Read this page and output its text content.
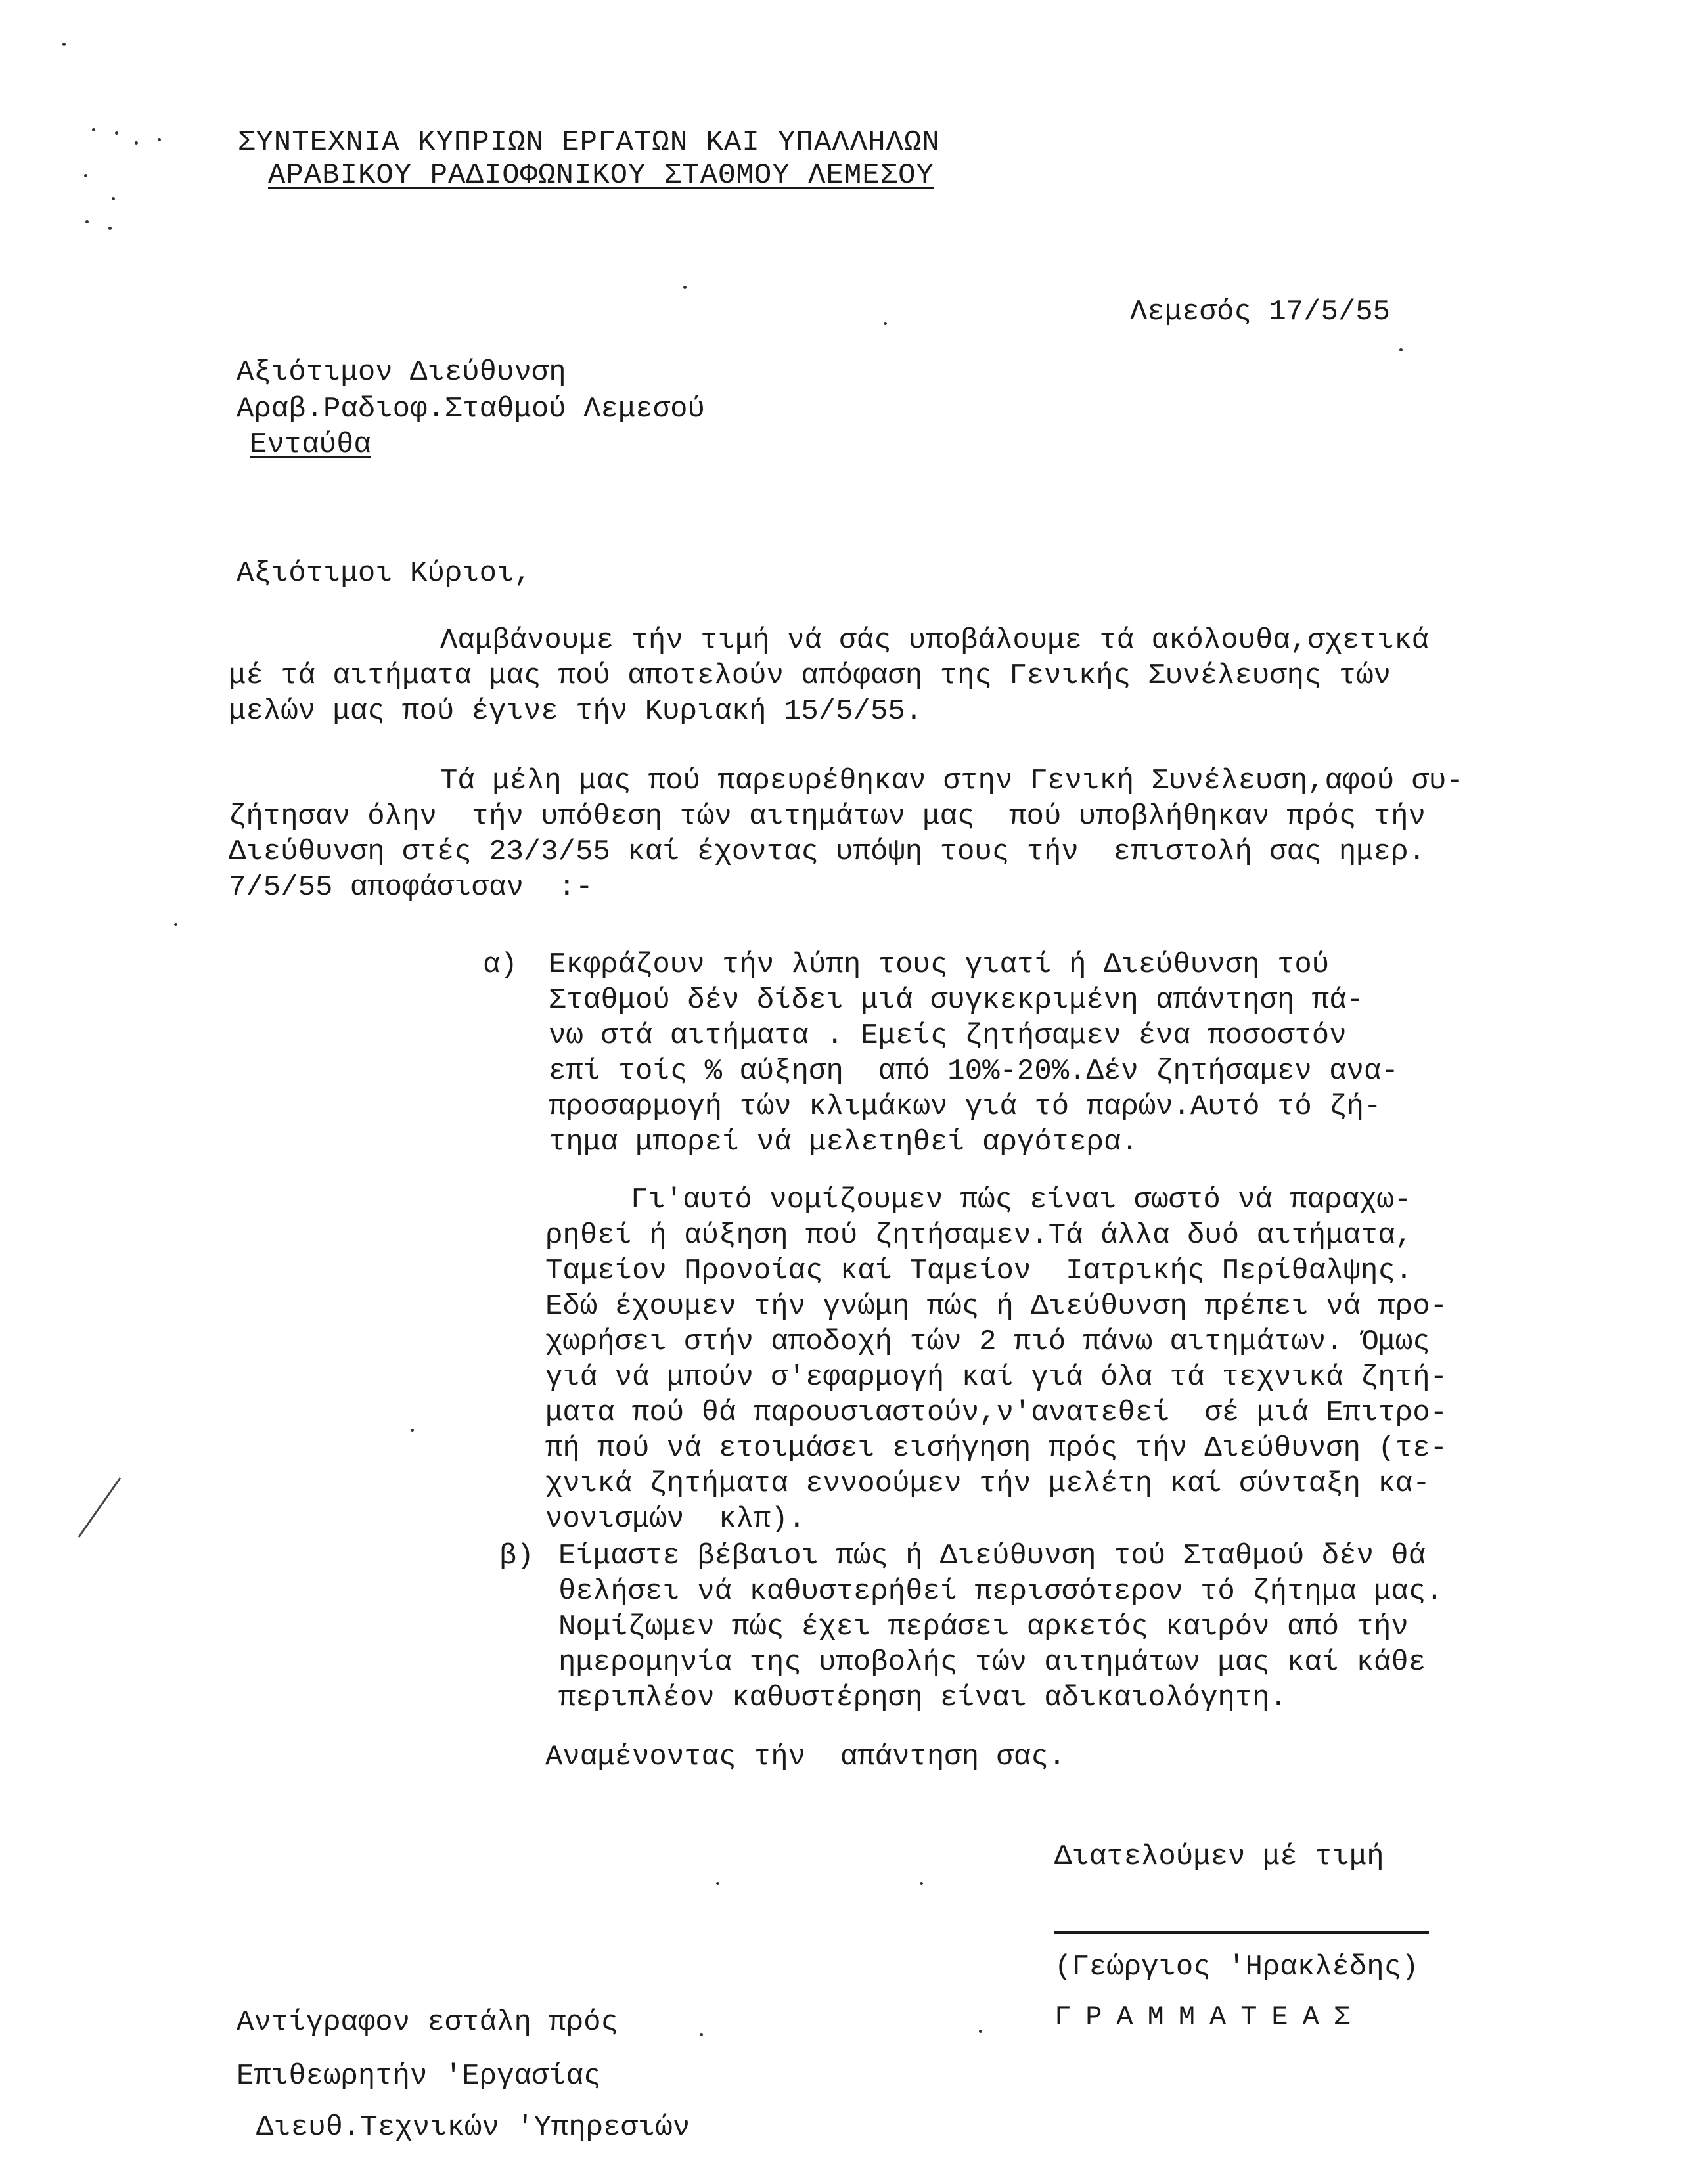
ΣΥΝΤΕΧΝΙΑ ΚΥΠΡΙΩΝ ΕΡΓΑΤΩΝ ΚΑΙ ΥΠΑΛΛΗΛΩΝ
ΑΡΑΒΙΚΟΥ ΡΑΔΙΟΦΩΝΙΚΟΥ ΣΤΑΘΜΟΥ ΛΕΜΕΣΟΥ
Λεμεσός 17/5/55
Αξιότιμον Διεύθυνση
Αραβ.Ραδιοφ.Σταθμού Λεμεσού
Ενταύθα
Αξιότιμοι Κύριοι,
Λαμβάνουμε τήν τιμή νά σάς υποβάλουμε τά ακόλουθα,σχετικά
μέ τά αιτήματα μας πού αποτελούν απόφαση της Γενικής Συνέλευσης τών
μελών μας πού έγινε τήν Κυριακή 15/5/55.
Τά μέλη μας πού παρευρέθηκαν στην Γενική Συνέλευση,αφού συ-
ζήτησαν όλην  τήν υπόθεση τών αιτημάτων μας  πού υποβλήθηκαν πρός τήν
Διεύθυνση στές 23/3/55 καί έχοντας υπόψη τους τήν  επιστολή σας ημερ.
7/5/55 αποφάσισαν  :-
α) Εκφράζουν τήν λύπη τους γιατί ή Διεύθυνση τού
Σταθμού δέν δίδει μιά συγκεκριμένη απάντηση πά-
νω στά αιτήματα . Εμείς ζητήσαμεν ένα ποσοστόν
επί τοίς % αύξηση  από 10%-20%.Δέν ζητήσαμεν ανα-
προσαρμογή τών κλιμάκων γιά τό παρών.Αυτό τό ζή-
τημα μπορεί νά μελετηθεί αργότερα.
Γι'αυτό νομίζουμεν πώς είναι σωστό νά παραχω-
ρηθεί ή αύξηση πού ζητήσαμεν.Τά άλλα δυό αιτήματα,
Ταμείον Προνοίας καί Ταμείον  Ιατρικής Περίθαλψης.
Εδώ έχουμεν τήν γνώμη πώς ή Διεύθυνση πρέπει νά προ-
χωρήσει στήν αποδοχή τών 2 πιό πάνω αιτημάτων. Όμως
γιά νά μπούν σ'εφαρμογή καί γιά όλα τά τεχνικά ζητή-
ματα πού θά παρουσιαστούν,ν'ανατεθεί  σέ μιά Επιτρο-
πή πού νά ετοιμάσει εισήγηση πρός τήν Διεύθυνση (τε-
χνικά ζητήματα εννοούμεν τήν μελέτη καί σύνταξη κα-
νονισμών  κλπ).
β) Είμαστε βέβαιοι πώς ή Διεύθυνση τού Σταθμού δέν θά
θελήσει νά καθυστερήθεί περισσότερον τό ζήτημα μας.
Νομίζωμεν πώς έχει περάσει αρκετός καιρόν από τήν
ημερομηνία της υποβολής τών αιτημάτων μας καί κάθε
περιπλέον καθυστέρηση είναι αδικαιολόγητη.
Αναμένοντας τήν  απάντηση σας.
Διατελούμεν μέ τιμή
(Γεώργιος 'Ηρακλέδης)
ΓΡΑΜΜΑΤΕΑΣ
Αντίγραφον εστάλη πρός
Επιθεωρητήν 'Εργασίας
Διευθ.Τεχνικών 'Υπηρεσιών
